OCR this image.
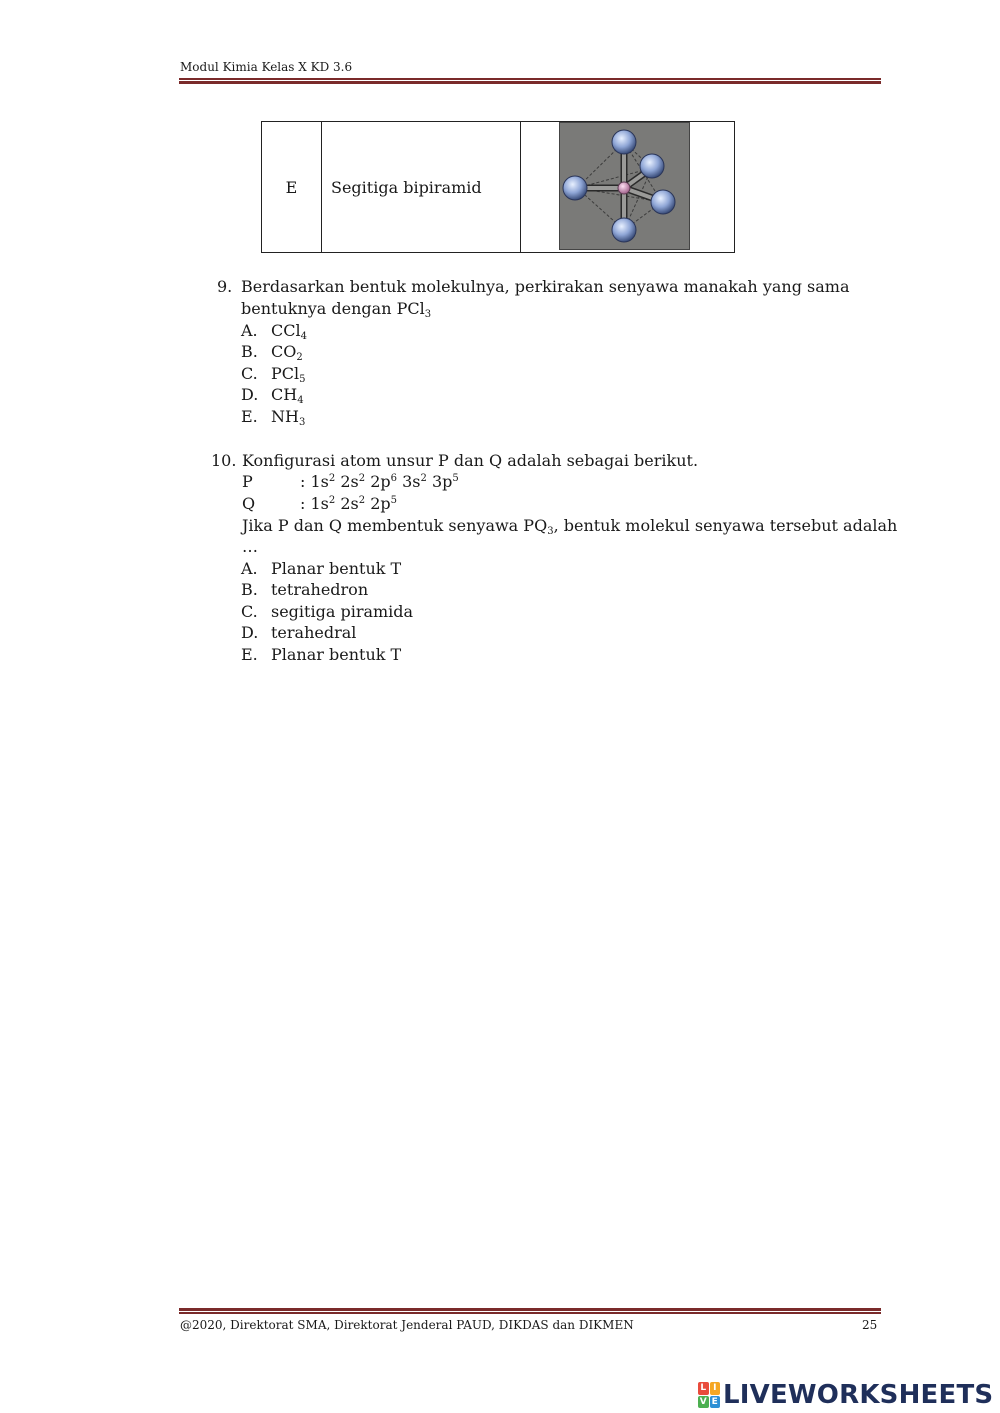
Modul Kimia Kelas X KD 3.6
E	Segitiga bipiramid	
9. Berdasarkan bentuk molekulnya, perkirakan senyawa manakah yang sama
bentuknya dengan PCl$_3$
A. CCl$_4$
B. $CO_2$
C. PCl$_5$
D. $CH_4$
E. $NH_3$
10. Konfigurasi atom unsur P dan Q adalah sebagai berikut.
P	: $1s^2$ $2s^2$ $2p^6$ $3s^2$ $3p^5$
Q	: $1s^2$ $2s^2$ $2p^5$
Jika P dan Q membentuk senyawa $PQ_3$, bentuk molekul senyawa tersebut adalah
…
A. Planar bentuk T
B. tetrahedron
C. segitiga piramida
D. terahedral
E. Planar bentuk T
@2020, Direktorat SMA, Direktorat Jenderal PAUD, DIKDAS dan DIKMEN	25
L I
V E LIVEWORKSHEETS
